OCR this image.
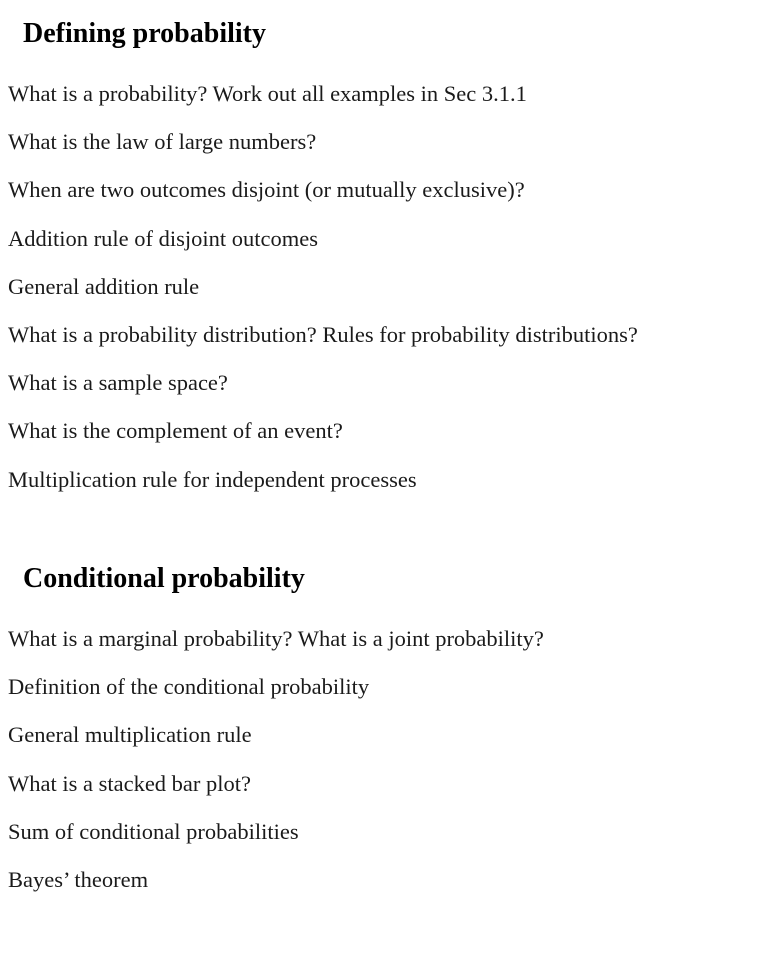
Defining probability
What is a probability? Work out all examples in Sec 3.1.1
What is the law of large numbers?
When are two outcomes disjoint (or mutually exclusive)?
Addition rule of disjoint outcomes
General addition rule
What is a probability distribution? Rules for probability distributions?
What is a sample space?
What is the complement of an event?
Multiplication rule for independent processes
Conditional probability
What is a marginal probability? What is a joint probability?
Definition of the conditional probability
General multiplication rule
What is a stacked bar plot?
Sum of conditional probabilities
Bayes’ theorem
